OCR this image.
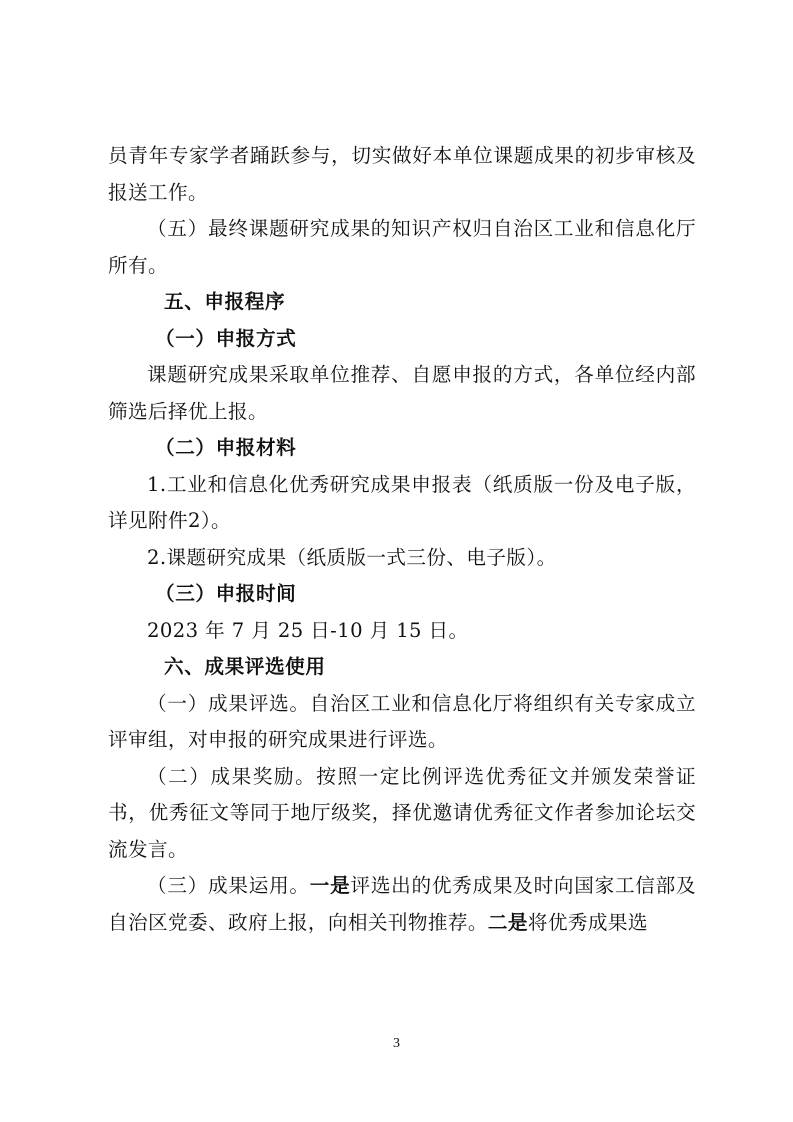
员青年专家学者踊跃参与，切实做好本单位课题成果的初步审核及报送工作。

（五）最终课题研究成果的知识产权归自治区工业和信息化厅所有。

五、申报程序

（一）申报方式

课题研究成果采取单位推荐、自愿申报的方式，各单位经内部筛选后择优上报。

（二）申报材料

1.工业和信息化优秀研究成果申报表（纸质版一份及电子版，详见附件2）。

2.课题研究成果（纸质版一式三份、电子版）。

（三）申报时间

2023 年 7 月 25 日-10 月 15 日。

六、成果评选使用

（一）成果评选。自治区工业和信息化厅将组织有关专家成立评审组，对申报的研究成果进行评选。

（二）成果奖励。按照一定比例评选优秀征文并颁发荣誉证书，优秀征文等同于地厅级奖，择优邀请优秀征文作者参加论坛交流发言。

（三）成果运用。一是评选出的优秀成果及时向国家工信部及自治区党委、政府上报，向相关刊物推荐。二是将优秀成果选

3
